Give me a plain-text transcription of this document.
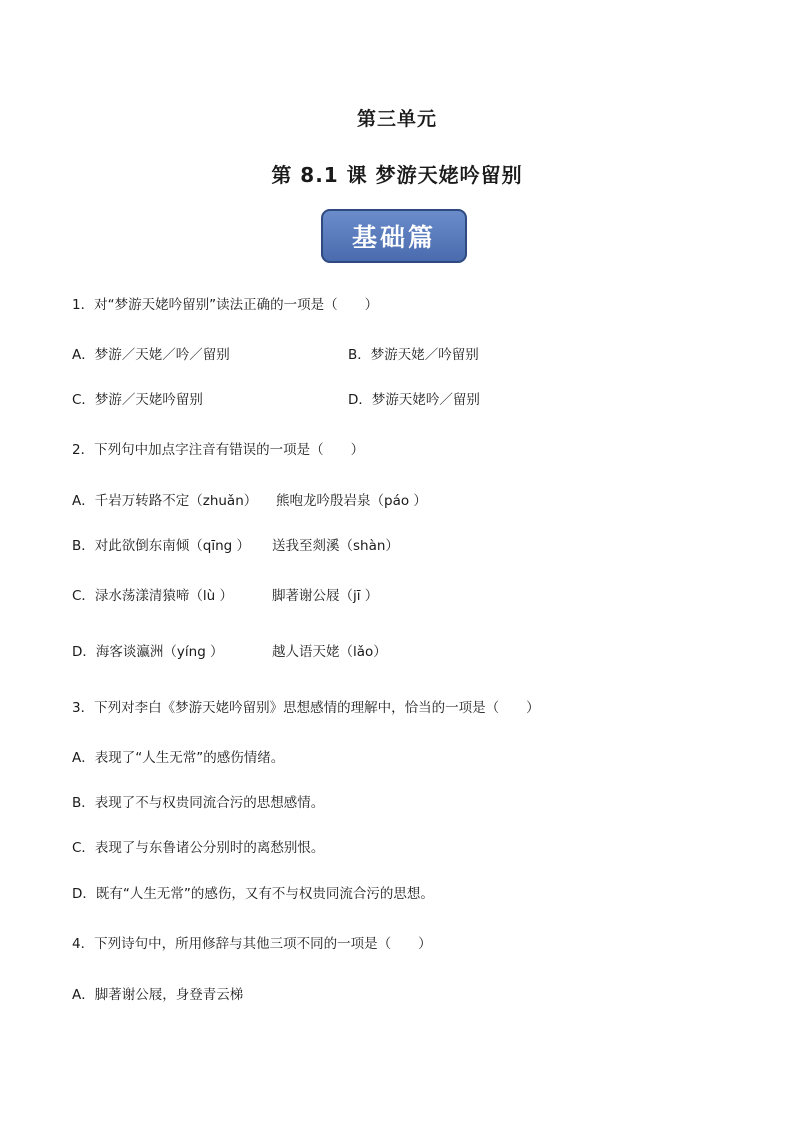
第三单元
第 8.1 课 梦游天姥吟留别
基础篇
1．对“梦游天姥吟留别”读法正确的一项是（　　）
A．梦游／天姥／吟／留别	B．梦游天姥／吟留别
C．梦游／天姥吟留别	D．梦游天姥吟／留别
2．下列句中加点字注音有错误的一项是（　　）
A．千岩万转路不定（zhuǎn） 熊咆龙吟殷岩泉（páo ）
B．对此欲倒东南倾（qīng ） 送我至剡溪（shàn）
C．渌水荡漾清猿啼（lù ）	脚著谢公屐（jī ）
D．海客谈瀛洲（yíng ）	越人语天姥（lǎo）
3．下列对李白《梦游天姥吟留别》思想感情的理解中，恰当的一项是（　　）
A．表现了“人生无常”的感伤情绪。
B．表现了不与权贵同流合污的思想感情。
C．表现了与东鲁诸公分别时的离愁别恨。
D．既有“人生无常”的感伤，又有不与权贵同流合污的思想。
4．下列诗句中，所用修辞与其他三项不同的一项是（　　）
A．脚著谢公屐，身登青云梯
